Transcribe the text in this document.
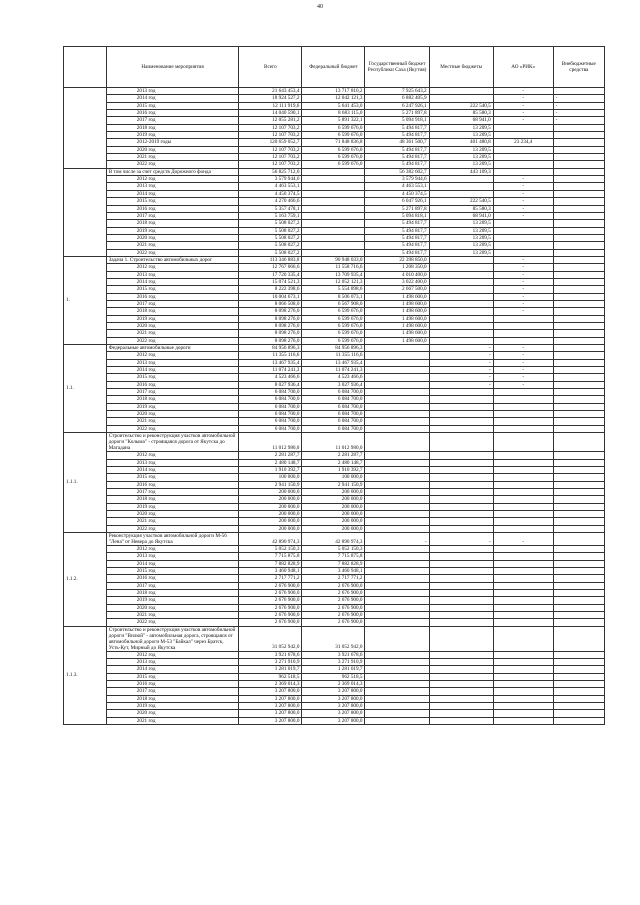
40
	Наименование мероприятия	Всего	Федеральный бюджет	Государственный бюджет Республики Саха (Якутия)	Местные бюджеты	АО «РИК»	Внебюджетные средства
	2013 год	21 643 453,4	13 717 810,2	7 925 643,2		-	
	2014 год	18 924 527,2	12 042 121,3	6 882 405,9		-	-
	2015 год	12 111 919,6	5 641 453,0	6 247 926,1	222 540,5	-	-
	2016 год	14 040 590,1	8 683 115,0	5 271 897,8	85 580,3	-	-
	2017 год	12 055 281,2	5 891 322,1	5 094 918,1	68 941,0	-	-
	2018 год	12 107 703,2	6 599 676,0	5 494 817,7	13 209,5		
	2019 год	12 107 703,2	6 599 676,0	5 494 817,7	13 209,5		
	2012-2019 годы	120 659 052,7	71 848 836,8	48 361 500,7	401 480,8	23 234,4	
	2020 год	12 107 703,2	6 599 676,0	5 494 817,7	13 209,5		
	2021 год	12 107 703,2	6 599 676,0	5 494 817,7	13 209,5		
	2022 год	12 107 703,2	6 599 676,0	5 494 817,7	13 209,5		
	В том числе за счет средств Дорожного фонда	56 825 712,0		56 382 602,7	443 109,3		
	2012 год	3 579 944,6		3 579 944,6		-	
	2013 год	4 463 553,1		4 463 553,1		-	
	2014 год	4 450 374,5		4 450 374,5		-	
	2015 год	4 270 466,6		6 047 926,1	222 540,5	-	
	2016 год	5 357 478,1		5 271 897,8	85 580,3	-	
	2017 год	5 163 759,1		5 094 818,1	68 941,0	-	
	2018 год	5 508 027,2		5 494 817,7	13 209,5		
	2019 год	5 508 027,2		5 494 817,7	13 209,5		
	2020 год	5 508 027,2		5 494 817,7	13 209,5		
	2021 год	5 508 027,2		5 494 817,7	13 209,5		
	2022 год	5 508 027,2		5 494 817,7	13 209,5		
1.	Задача 1. Строительство автомобильных дорог	113 346 883,0	90 948 033,0	22 398 850,0		-	
	2012 год	12 767 066,6	11 558 716,6	1 208 350,0		-	
	2013 год	17 720 335,4	13 709 935,4	4 010 400,0		-	
	2014 год	15 074 521,3	12 052 121,3	3 022 400,0		-	
	2015 год	8 222 398,6	5 554 898,6	2 667 500,0		-	
	2016 год	10 004 673,1	8 506 073,1	1 498 600,0		-	
	2017 год	8 066 508,0	6 567 908,0	1 498 600,0		-	
	2018 год	8 098 276,0	6 599 676,0	1 498 600,0		-	
	2019 год	8 098 276,0	6 599 676,0	1 498 600,0			
	2020 год	8 098 276,0	6 599 676,0	1 498 600,0			
	2021 год	8 098 276,0	6 599 676,0	1 498 600,0			
	2022 год	8 098 276,0	6 599 676,0	1 498 600,0			
1.1.	Федеральные автомобильные дороги	84 956 896,3	84 956 896,3		-	-	
	2012 год	11 355 116,6	11 355 116,6		-	-	
	2013 год	13 467 935,4	13 467 935,4		-	-	
	2014 год	11 074 241,3	11 074 241,3		-	-	
	2015 год	4 523 466,6	4 523 466,6		-	-	
	2016 год	8 027 936,4	3 027 936,4		-	-	
	2017 год	6 084 700,0	6 084 700,0				
	2018 год	6 084 700,0	6 084 700,0				
	2019 год	6 084 700,0	6 084 700,0				
	2020 год	6 084 700,0	6 084 700,0				
	2021 год	6 084 700,0	6 084 700,0				
	2022 год	6 084 700,0	6 084 700,0				
1.1.1.	Строительство и реконструкция участков автомобильной дороги "Колыма" - строящаяся дорога от Якутска до Магадана	11 012 980,0	11 012 980,0				
	2012 год	2 281 287,7	2 281 287,7				
	2013 год	2 480 148,7	2 480 148,7				
	2014 год	1 910 392,7	1 910 392,7				
	2015 год	100 000,0	100 000,0				
	2016 год	2 941 150,9	2 941 150,9				
	2017 год	200 000,0	200 000,0				
	2018 год	200 000,0	200 000,0				
	2019 год	200 000,0	200 000,0				
	2020 год	200 000,0	200 000,0				
	2021 год	200 000,0	200 000,0				
	2022 год	200 000,0	200 000,0				
1.1.2.	Реконструкция участков автомобильной дороги М-56 "Лена" от Невера до Якутска	42 890 974,3	42 890 974,3	-	-	-	
	2012 год	5 052 150,3	5 052 150,3				
	2013 год	7 715 875,8	7 715 875,8				
	2014 год	7 882 828,9	7 882 828,9				
	2015 год	3 460 948,1	3 460 948,1				
	2016 год	2 717 771,2	2 717 771,2				
	2017 год	2 676 900,0	2 676 900,0				
	2018 год	2 676 900,0	2 676 900,0				
	2019 год	2 676 900,0	2 676 900,0				
	2020 год	2 676 900,0	2 676 900,0				
	2021 год	2 676 900,0	2 676 900,0				
	2022 год	2 676 900,0	2 676 900,0				
1.1.3.	Строительство и реконструкция участков автомобильной дороги "Вилюй" - автомобильная дорога, строящаяся от автомобильной дороги М-53 "Байкал" через Братск, Усть-Кут, Мирный до Якутска	31 052 942,0	31 052 942,0				
	2012 год	3 921 678,6	3 921 678,6				
	2013 год	3 271 910,9	3 271 910,9				
	2014 год	1 281 019,7	1 281 019,7				
	2015 год	962 518,5	962 518,5				
	2016 год	2 369 014,3	2 369 014,3				
	2017 год	3 207 800,0	3 207 800,0				
	2018 год	3 207 800,0	3 207 800,0				
	2019 год	3 207 800,0	3 207 800,0				
	2020 год	3 207 800,0	3 207 800,0				
	2021 год	3 207 800,0	3 207 800,0				
